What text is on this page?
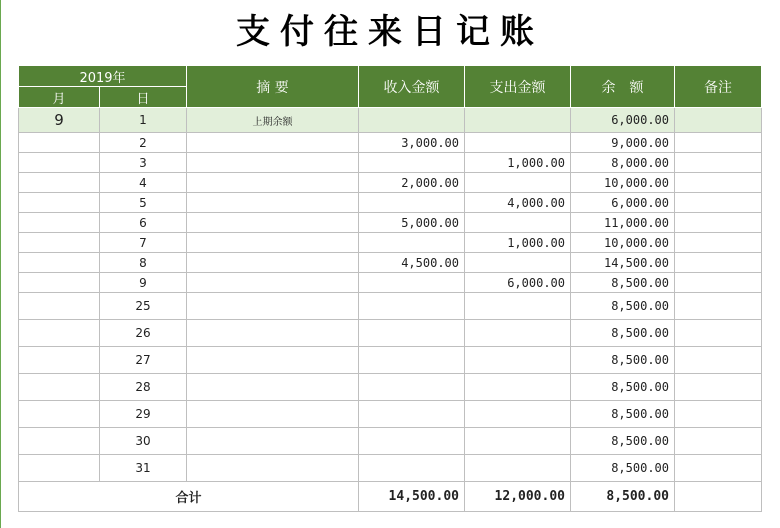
支付往来日记账
2019年		摘 要	收入金额	支出金额	余　额	备注
月	日					
9	1	上期余额			6,000.00	
	2		3,000.00		9,000.00	
	3			1,000.00	8,000.00	
	4		2,000.00		10,000.00	
	5			4,000.00	6,000.00	
	6		5,000.00		11,000.00	
	7			1,000.00	10,000.00	
	8		4,500.00		14,500.00	
	9			6,000.00	8,500.00	
	25				8,500.00	
	26				8,500.00	
	27				8,500.00	
	28				8,500.00	
	29				8,500.00	
	30				8,500.00	
	31				8,500.00	
合计			14,500.00	12,000.00	8,500.00	
